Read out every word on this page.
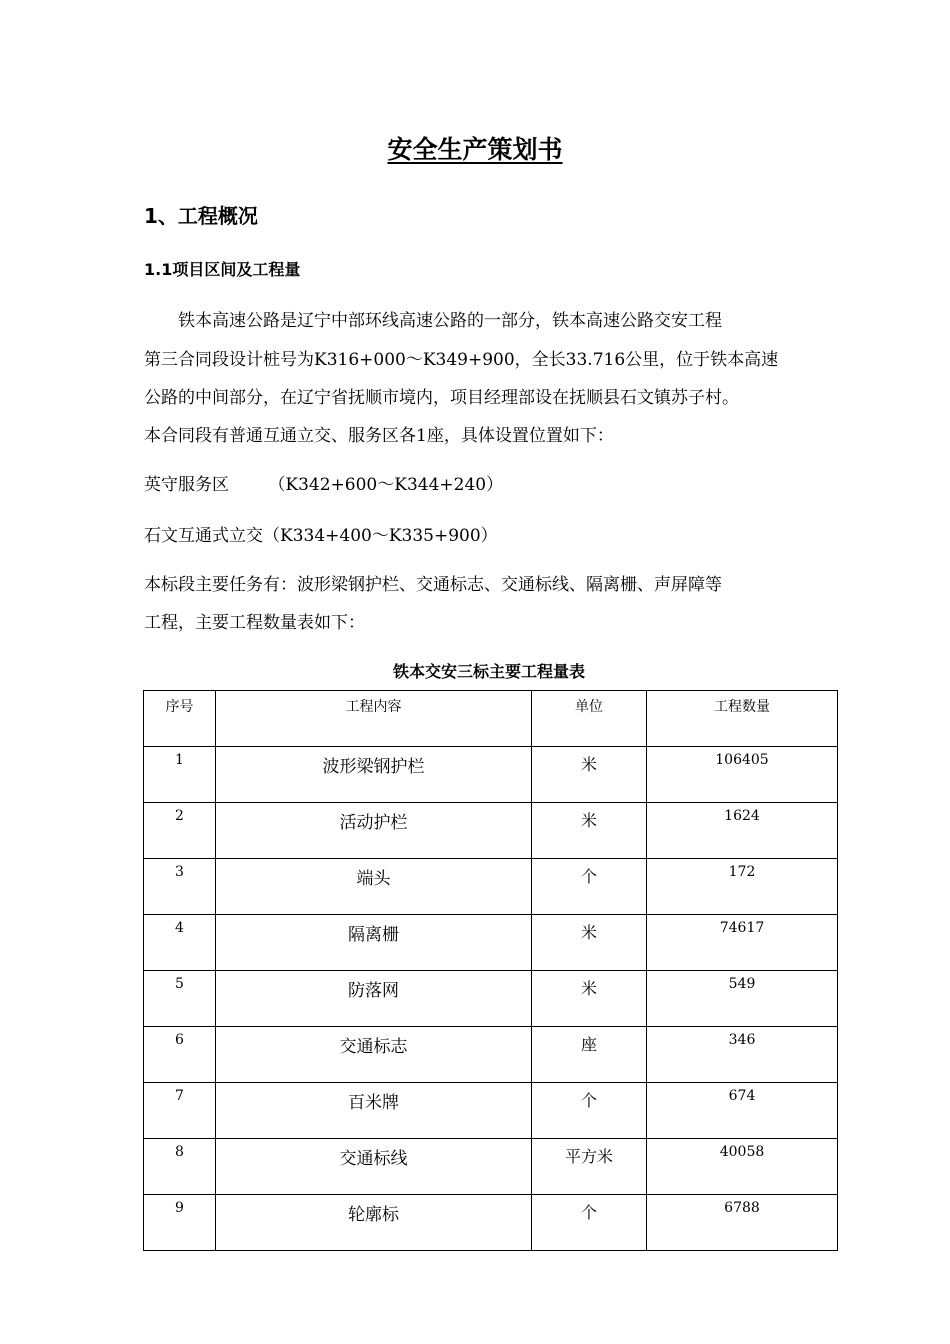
安全生产策划书
1、工程概况
1.1项目区间及工程量
　　铁本高速公路是辽宁中部环线高速公路的一部分，铁本高速公路交安工程
第三合同段设计桩号为K316+000～K349+900，全长33.716公里，位于铁本高速
公路的中间部分，在辽宁省抚顺市境内，项目经理部设在抚顺县石文镇苏子村。
本合同段有普通互通立交、服务区各1座，具体设置位置如下：
英守服务区　　 （K342+600～K344+240）
石文互通式立交（K334+400～K335+900）
本标段主要任务有：波形梁钢护栏、交通标志、交通标线、隔离栅、声屏障等
工程，主要工程数量表如下：
铁本交安三标主要工程量表
序号	工程内容	单位	工程数量
1	波形梁钢护栏	米	106405
2	活动护栏	米	1624
3	端头	个	172
4	隔离栅	米	74617
5	防落网	米	549
6	交通标志	座	346
7	百米牌	个	674
8	交通标线	平方米	40058
9	轮廓标	个	6788
